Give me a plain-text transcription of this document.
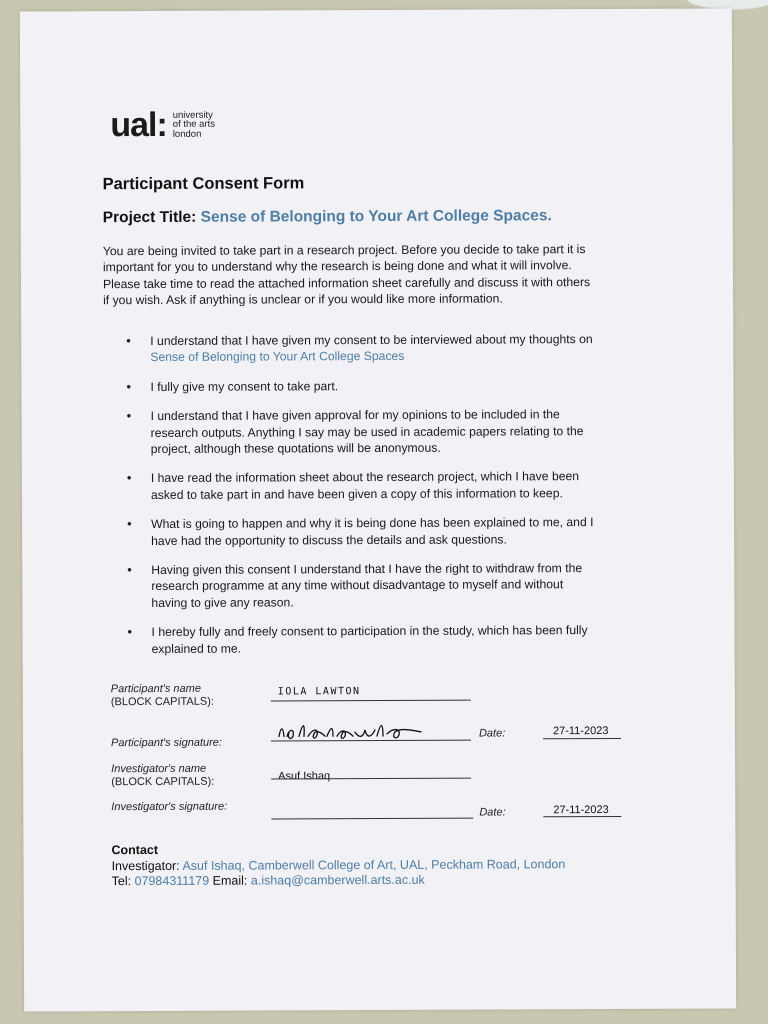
ual: university
of the arts
london
Participant Consent Form
Project Title: Sense of Belonging to Your Art College Spaces.
You are being invited to take part in a research project. Before you decide to take part it is important for you to understand why the research is being done and what it will involve. Please take time to read the attached information sheet carefully and discuss it with others if you wish. Ask if anything is unclear or if you would like more information.
• I understand that I have given my consent to be interviewed about my thoughts on Sense of Belonging to Your Art College Spaces
• I fully give my consent to take part.
• I understand that I have given approval for my opinions to be included in the research outputs. Anything I say may be used in academic papers relating to the project, although these quotations will be anonymous.
• I have read the information sheet about the research project, which I have been asked to take part in and have been given a copy of this information to keep.
• What is going to happen and why it is being done has been explained to me, and I have had the opportunity to discuss the details and ask questions.
• Having given this consent I understand that I have the right to withdraw from the research programme at any time without disadvantage to myself and without having to give any reason.
• I hereby fully and freely consent to participation in the study, which has been fully explained to me.
Participant's name
(BLOCK CAPITALS):
IOLA LAWTON
Participant's signature:
Date:	27-11-2023
Investigator's name
(BLOCK CAPITALS):	Asuf Ishaq
Investigator's signature:	Date:	27-11-2023
Contact
Investigator: Asuf Ishaq, Camberwell College of Art, UAL, Peckham Road, London
Tel: 07984311179 Email: a.ishaq@camberwell.arts.ac.uk
